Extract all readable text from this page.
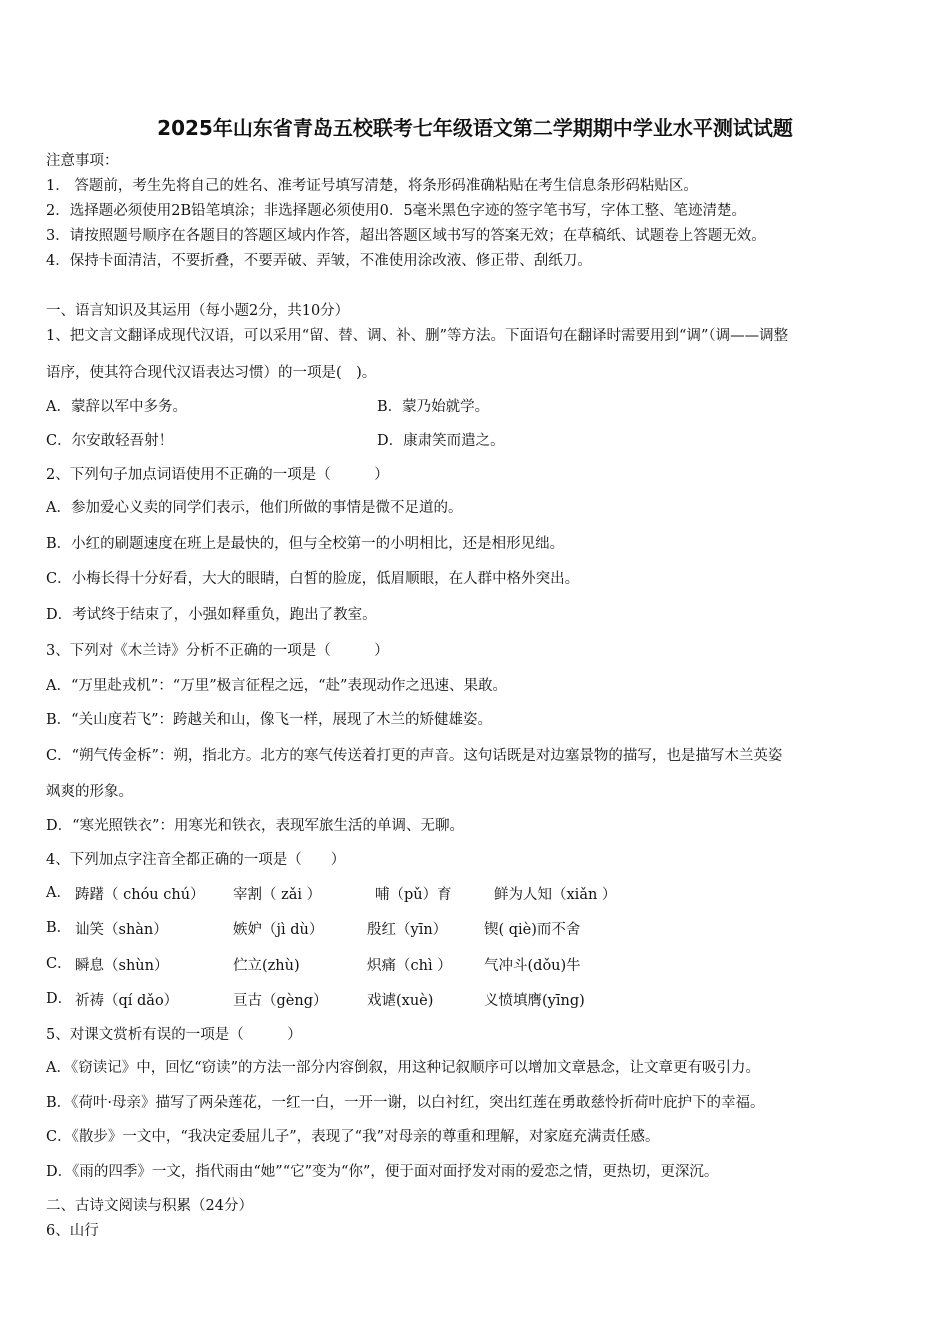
2025年山东省青岛五校联考七年级语文第二学期期中学业水平测试试题
注意事项：
1． 答题前，考生先将自己的姓名、准考证号填写清楚，将条形码准确粘贴在考生信息条形码粘贴区。
2．选择题必须使用2B铅笔填涂；非选择题必须使用0．5毫米黑色字迹的签字笔书写，字体工整、笔迹清楚。
3．请按照题号顺序在各题目的答题区域内作答，超出答题区域书写的答案无效；在草稿纸、试题卷上答题无效。
4．保持卡面清洁，不要折叠，不要弄破、弄皱，不准使用涂改液、修正带、刮纸刀。
一、语言知识及其运用（每小题2分，共10分）
1、把文言文翻译成现代汉语，可以采用“留、替、调、补、删”等方法。下面语句在翻译时需要用到“调”（调——调整
语序，使其符合现代汉语表达习惯）的一项是(　)。
A．蒙辞以军中多务。	B．蒙乃始就学。
C．尔安敢轻吾射！	D．康肃笑而遣之。
2、下列句子加点词语使用不正确的一项是（　　　）
A．参加爱心义卖的同学们表示，他们所做的事情是微不足道的。
B．小红的刷题速度在班上是最快的，但与全校第一的小明相比，还是相形见绌。
C．小梅长得十分好看，大大的眼睛，白皙的脸庞，低眉顺眼，在人群中格外突出。
D．考试终于结束了，小强如释重负，跑出了教室。
3、下列对《木兰诗》分析不正确的一项是（　　　）
A．“万里赴戎机”：“万里”极言征程之远，“赴”表现动作之迅速、果敢。
B．“关山度若飞”：跨越关和山，像飞一样，展现了木兰的矫健雄姿。
C．“朔气传金柝”：朔，指北方。北方的寒气传送着打更的声音。这句话既是对边塞景物的描写，也是描写木兰英姿
飒爽的形象。
D．“寒光照铁衣”：用寒光和铁衣，表现军旅生活的单调、无聊。
4、下列加点字注音全都正确的一项是（　　）
A． 踌躇（ chóu chú） 宰割（ zǎi ）	哺（pǔ）育	鲜为人知（xiǎn ）
B． 讪笑（shàn）	嫉妒（jì dù）	殷红（yīn）	锲( qiè)而不舍
C． 瞬息（shùn）	伫立(zhù)	炽痛（chì ） 气冲斗(dǒu)牛
D． 祈祷（qí dǎo）	亘古（gèng）	戏谑(xuè)	义愤填膺(yīng)
5、对课文赏析有误的一项是（　　　）
A．《窃读记》中，回忆“窃读”的方法一部分内容倒叙，用这种记叙顺序可以增加文章悬念，让文章更有吸引力。
B．《荷叶·母亲》描写了两朵莲花，一红一白，一开一谢，以白衬红，突出红莲在勇敢慈怜折荷叶庇护下的幸福。
C．《散步》一文中，“我决定委屈儿子”，表现了“我”对母亲的尊重和理解，对家庭充满责任感。
D．《雨的四季》一文，指代雨由“她”“它”变为“你”，便于面对面抒发对雨的爱恋之情，更热切，更深沉。
二、古诗文阅读与积累（24分）
6、山行
